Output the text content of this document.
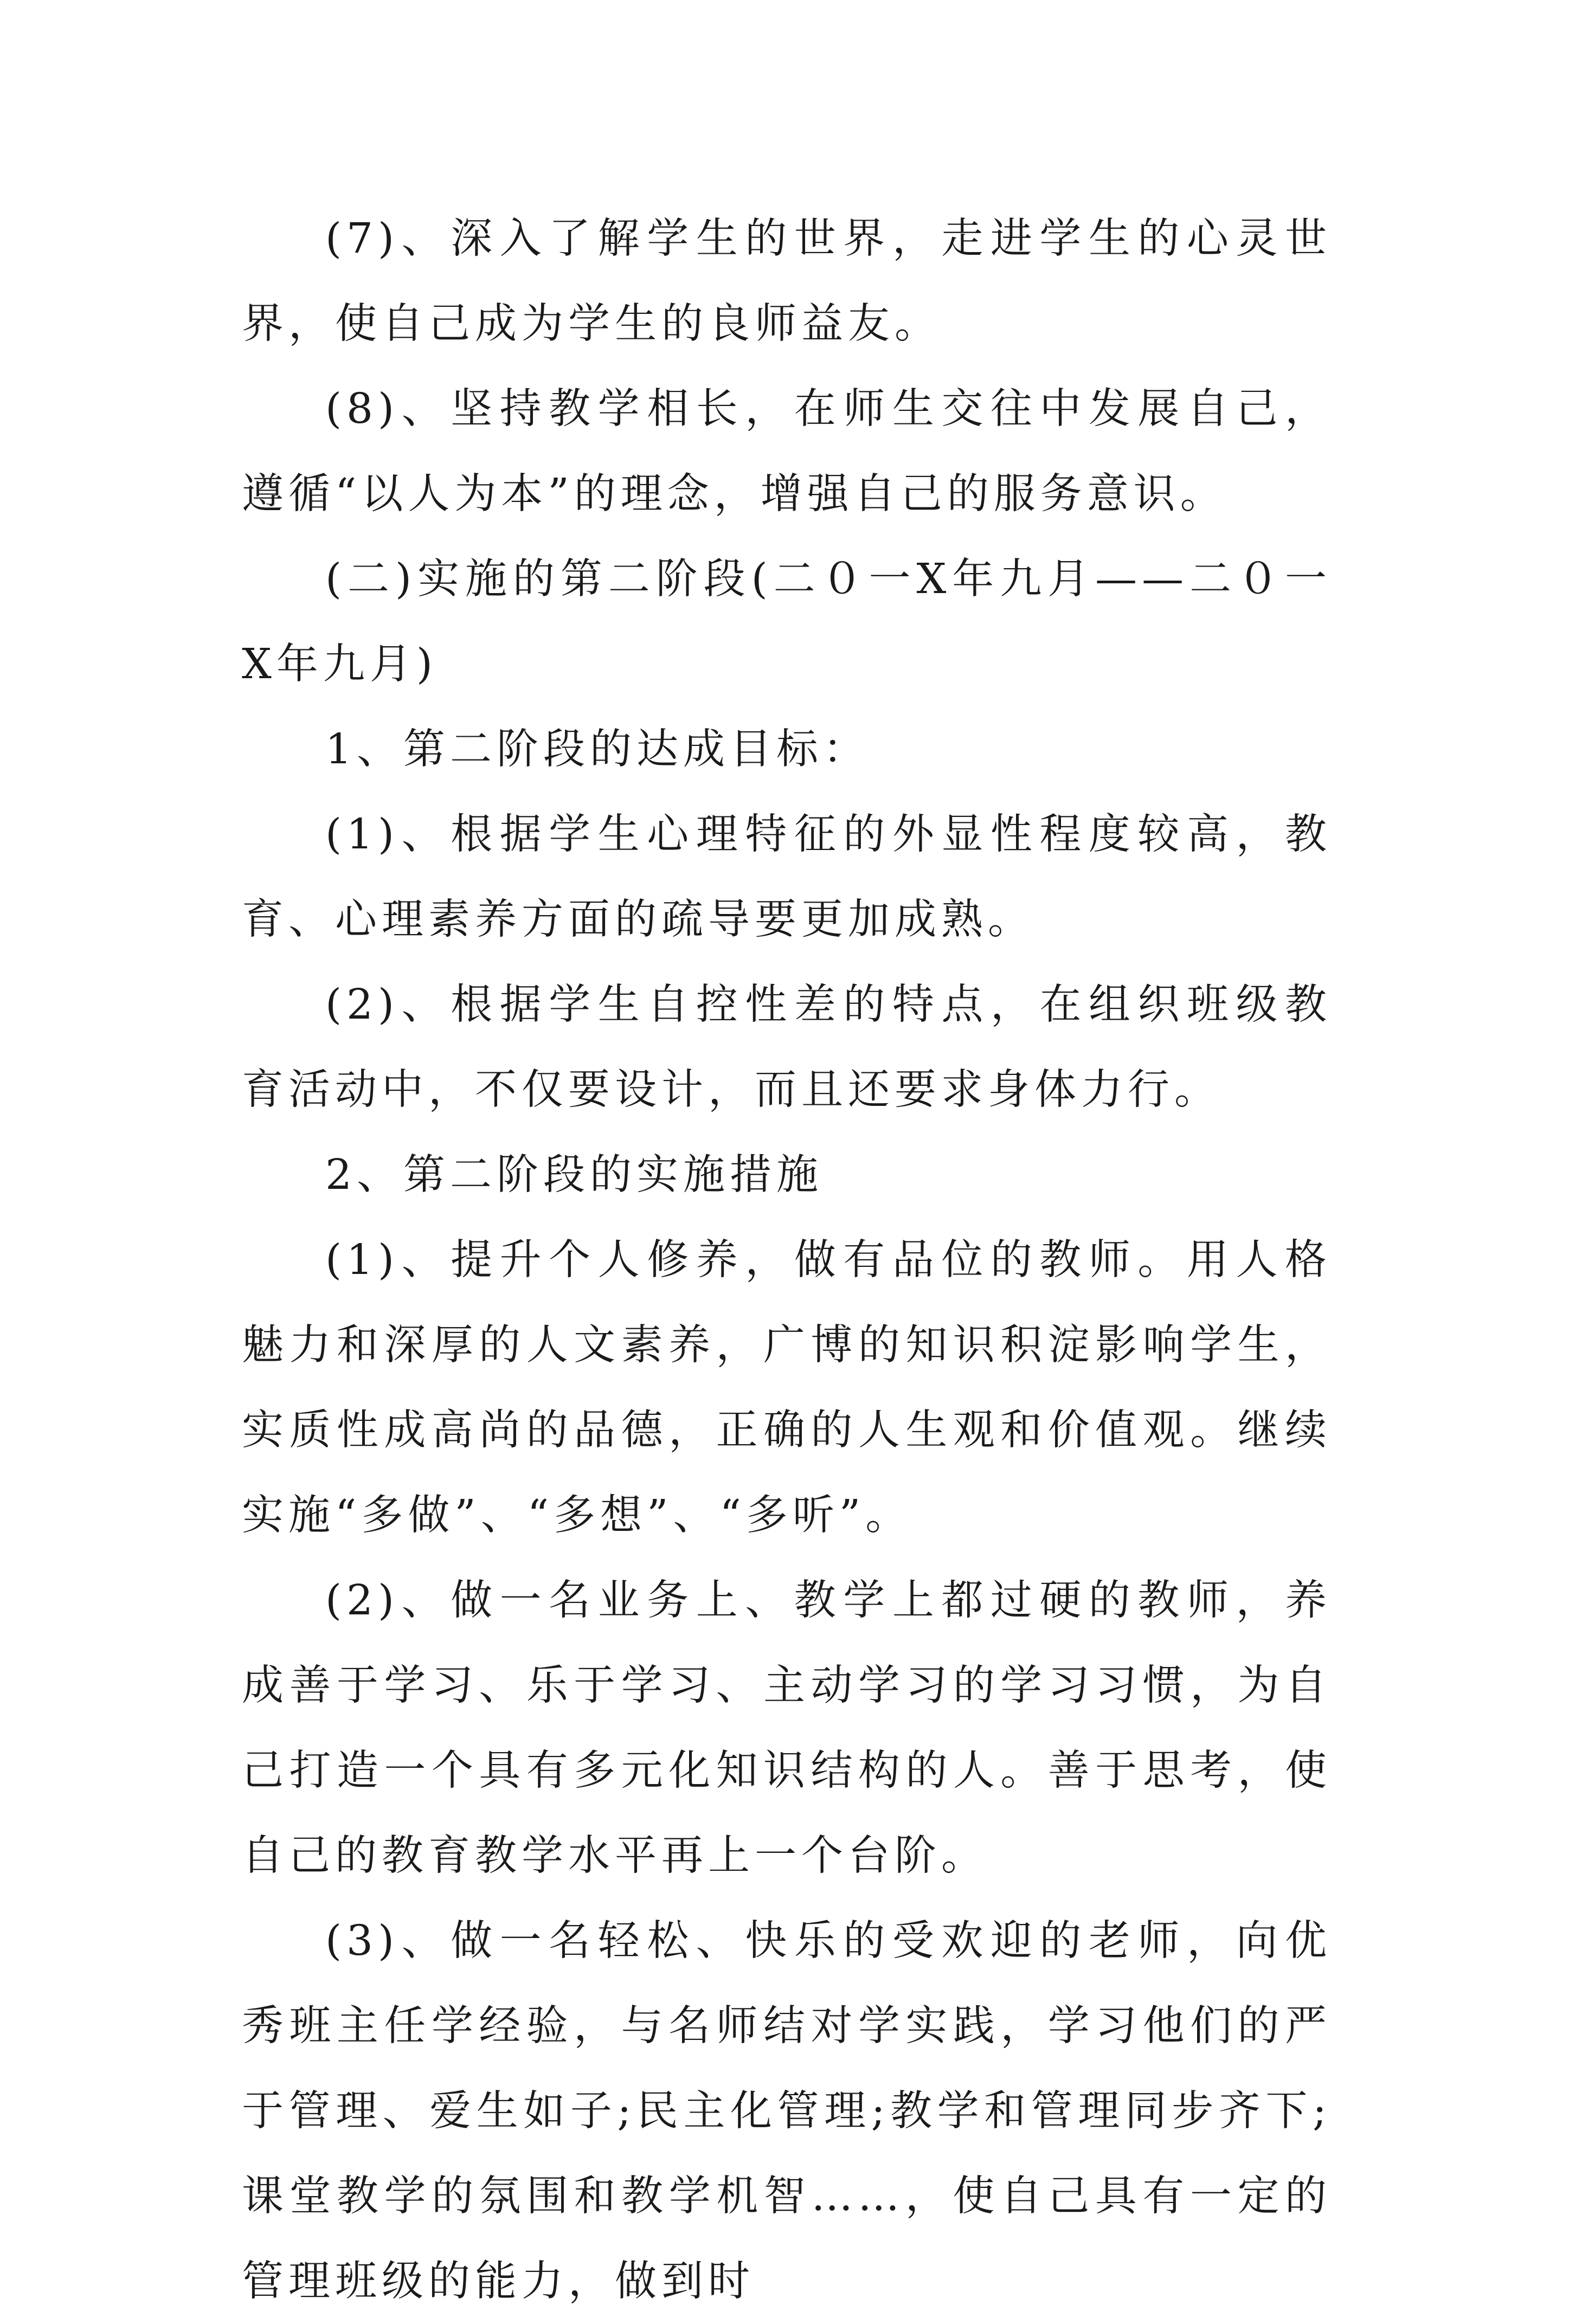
(7)、深入了解学生的世界，走进学生的心灵世界，使自己成为学生的良师益友。

(8)、坚持教学相长，在师生交往中发展自己，遵循“以人为本”的理念，增强自己的服务意识。

(二)实施的第二阶段(二０一X年九月——二０一X年九月)

1、第二阶段的达成目标：

(1)、根据学生心理特征的外显性程度较高，教育、心理素养方面的疏导要更加成熟。

(2)、根据学生自控性差的特点，在组织班级教育活动中，不仅要设计，而且还要求身体力行。

2、第二阶段的实施措施

(1)、提升个人修养，做有品位的教师。用人格魅力和深厚的人文素养，广博的知识积淀影响学生，实质性成高尚的品德，正确的人生观和价值观。继续实施“多做”、“多想”、“多听”。

(2)、做一名业务上、教学上都过硬的教师，养成善于学习、乐于学习、主动学习的学习习惯，为自己打造一个具有多元化知识结构的人。善于思考，使自己的教育教学水平再上一个台阶。

(3)、做一名轻松、快乐的受欢迎的老师，向优秀班主任学经验，与名师结对学实践，学习他们的严于管理、爱生如子;民主化管理;教学和管理同步齐下;课堂教学的氛围和教学机智……，使自己具有一定的管理班级的能力，做到时
